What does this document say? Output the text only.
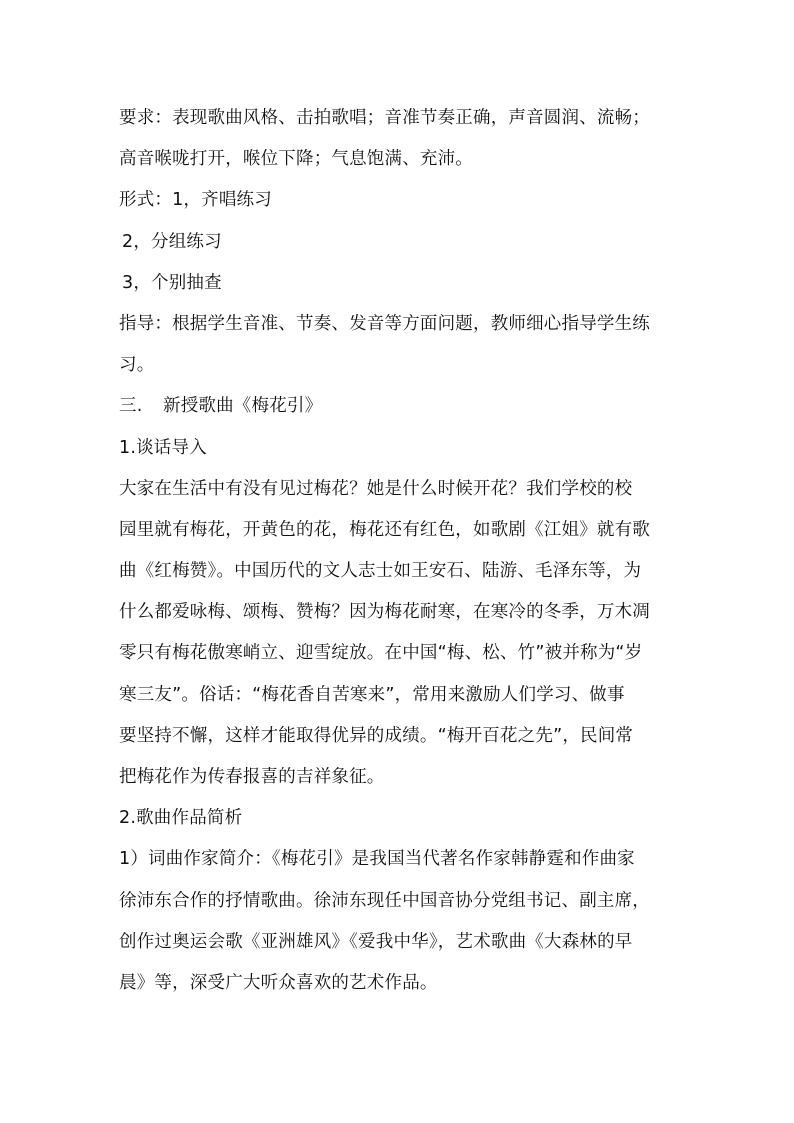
要求：表现歌曲风格、击拍歌唱；音准节奏正确，声音圆润、流畅；
高音喉咙打开，喉位下降；气息饱满、充沛。
形式：1，齐唱练习
2，分组练习
3，个别抽查
指导：根据学生音准、节奏、发音等方面问题，教师细心指导学生练
习。
三. 新授歌曲《梅花引》
1.谈话导入
大家在生活中有没有见过梅花？她是什么时候开花？我们学校的校
园里就有梅花，开黄色的花，梅花还有红色，如歌剧《江姐》就有歌
曲《红梅赞》。中国历代的文人志士如王安石、陆游、毛泽东等，为
什么都爱咏梅、颂梅、赞梅？因为梅花耐寒，在寒冷的冬季，万木凋
零只有梅花傲寒峭立、迎雪绽放。在中国“梅、松、竹”被并称为“岁
寒三友”。俗话：“梅花香自苦寒来”，常用来激励人们学习、做事
要坚持不懈，这样才能取得优异的成绩。“梅开百花之先”，民间常
把梅花作为传春报喜的吉祥象征。
2.歌曲作品简析
1）词曲作家简介：《梅花引》是我国当代著名作家韩静霆和作曲家
徐沛东合作的抒情歌曲。徐沛东现任中国音协分党组书记、副主席，
创作过奥运会歌《亚洲雄风》《爱我中华》，艺术歌曲《大森林的早
晨》等，深受广大听众喜欢的艺术作品。
